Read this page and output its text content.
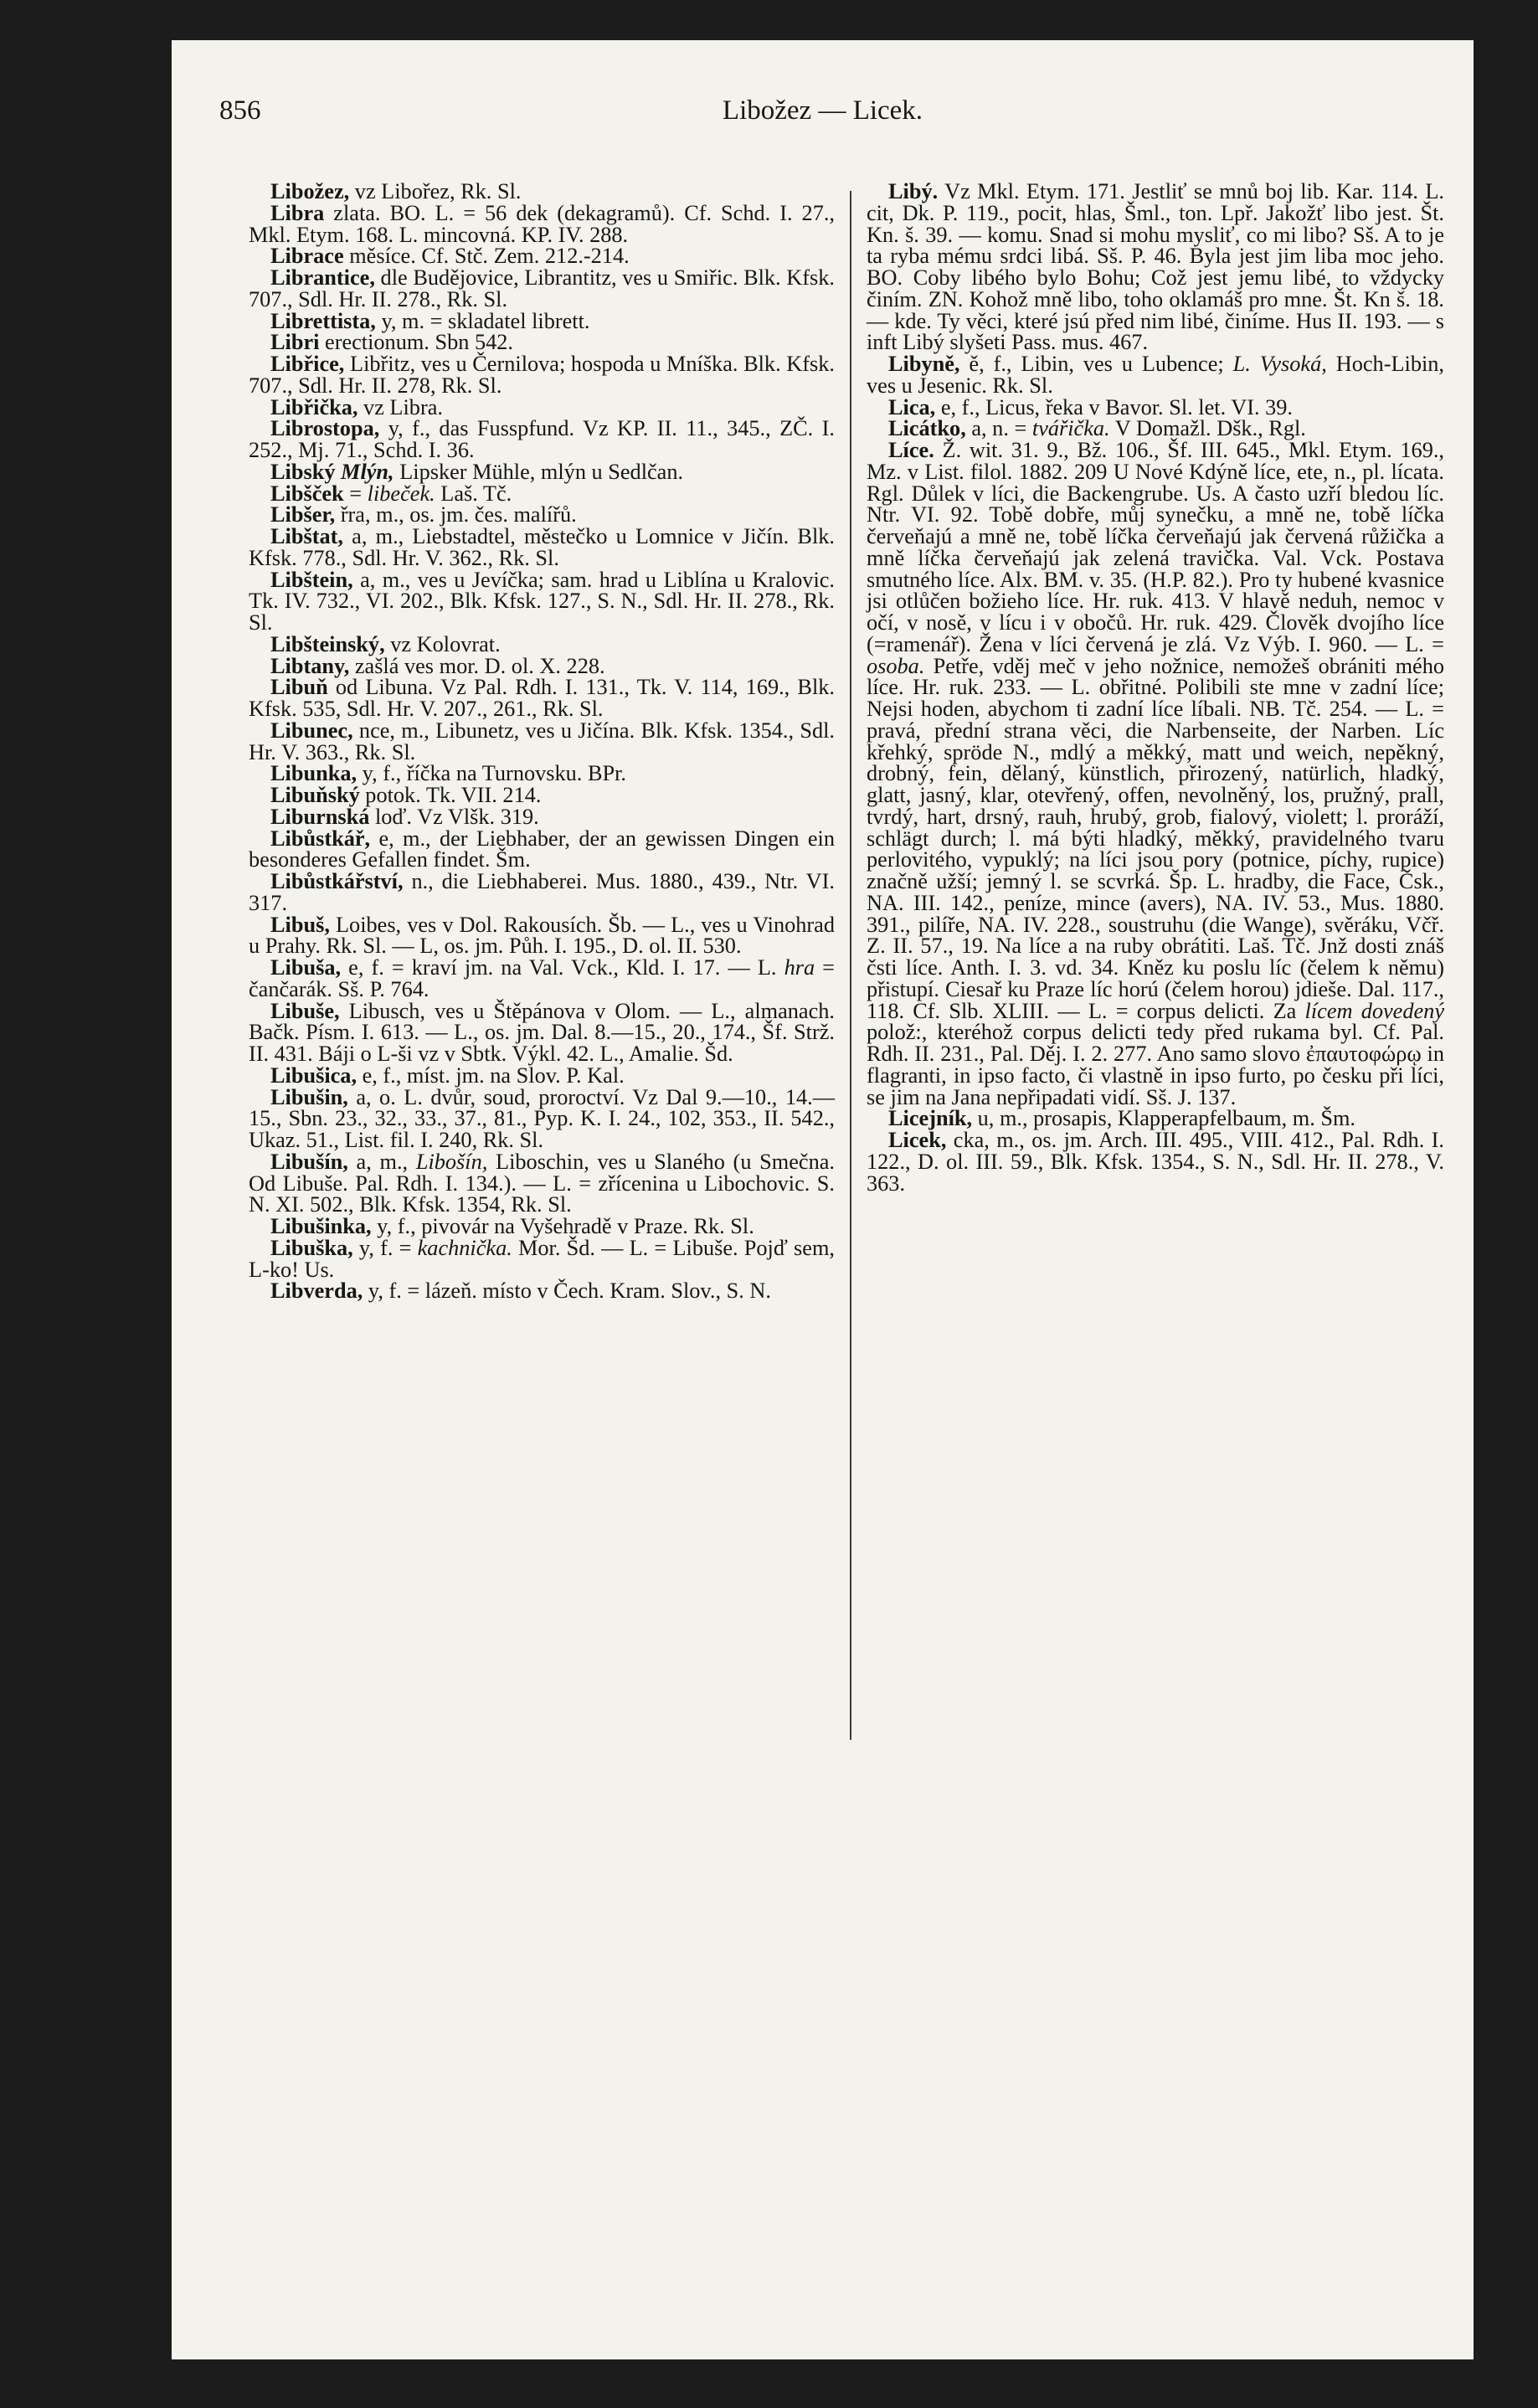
856	Libožez — Licek.

Libožez, vz Libořez, Rk. Sl.

Libra zlata. BO. L. = 56 dek (dekagramů). Cf. Schd. I. 27., Mkl. Etym. 168. L. mincovná. KP. IV. 288.

Librace měsíce. Cf. Stč. Zem. 212.-214.

Librantice, dle Budějovice, Librantitz, ves u Smiřic. Blk. Kfsk. 707., Sdl. Hr. II. 278., Rk. Sl.

Librettista, y, m. = skladatel librett.

Libri erectionum. Sbn 542.

Libřice, Libřitz, ves u Černilova; hospoda u Mníška. Blk. Kfsk. 707., Sdl. Hr. II. 278, Rk. Sl.

Libřička, vz Libra.

Librostopa, y, f., das Fusspfund. Vz KP. II. 11., 345., ZČ. I. 252., Mj. 71., Schd. I. 36.

Libský Mlýn, Lipsker Mühle, mlýn u Sedlčan.

Libšček = libeček. Laš. Tč.

Libšer, řra, m., os. jm. čes. malířů.

Libštat, a, m., Liebstadtel, městečko u Lomnice v Jičín. Blk. Kfsk. 778., Sdl. Hr. V. 362., Rk. Sl.

Libštein, a, m., ves u Jevíčka; sam. hrad u Liblína u Kralovic. Tk. IV. 732., VI. 202., Blk. Kfsk. 127., S. N., Sdl. Hr. II. 278., Rk. Sl.

Libšteinský, vz Kolovrat.

Libtany, zašlá ves mor. D. ol. X. 228.

Libuň od Libuna. Vz Pal. Rdh. I. 131., Tk. V. 114, 169., Blk. Kfsk. 535, Sdl. Hr. V. 207., 261., Rk. Sl.

Libunec, nce, m., Libunetz, ves u Jičína. Blk. Kfsk. 1354., Sdl. Hr. V. 363., Rk. Sl.

Libunka, y, f., říčka na Turnovsku. BPr.

Libuňský potok. Tk. VII. 214.

Liburnská loď. Vz Vlšk. 319.

Libůstkář, e, m., der Liebhaber, der an gewissen Dingen ein besonderes Gefallen findet. Šm.

Libůstkářství, n., die Liebhaberei. Mus. 1880., 439., Ntr. VI. 317.

Libuš, Loibes, ves v Dol. Rakousích. Šb. — L., ves u Vinohrad u Prahy. Rk. Sl. — L, os. jm. Půh. I. 195., D. ol. II. 530.

Libuša, e, f. = kraví jm. na Val. Vck., Kld. I. 17. — L. hra = čančarák. Sš. P. 764.

Libuše, Libusch, ves u Štěpánova v Olom. — L., almanach. Bačk. Písm. I. 613. — L., os. jm. Dal. 8.—15., 20., 174., Šf. Strž. II. 431. Báji o L-ši vz v Sbtk. Výkl. 42. L., Amalie. Šd.

Libušica, e, f., míst. jm. na Slov. P. Kal.

Libušin, a, o. L. dvůr, soud, proroctví. Vz Dal 9.—10., 14.—15., Sbn. 23., 32., 33., 37., 81., Pyp. K. I. 24., 102, 353., II. 542., Ukaz. 51., List. fil. I. 240, Rk. Sl.

Libušín, a, m., Libošín, Liboschin, ves u Slaného (u Smečna. Od Libuše. Pal. Rdh. I. 134.). — L. = zřícenina u Libochovic. S. N. XI. 502., Blk. Kfsk. 1354, Rk. Sl.

Libušinka, y, f., pivovár na Vyšehradě v Praze. Rk. Sl.

Libuška, y, f. = kachnička. Mor. Šd. — L. = Libuše. Pojď sem, L-ko! Us.

Libverda, y, f. = lázeň. místo v Čech. Kram. Slov., S. N.

Libý. Vz Mkl. Etym. 171. Jestliť se mnů boj lib. Kar. 114. L. cit, Dk. P. 119., pocit, hlas, Šml., ton. Lpř. Jakožť libo jest. Št. Kn. š. 39. — komu. Snad si mohu mysliť, co mi libo? Sš. A to je ta ryba mému srdci libá. Sš. P. 46. Byla jest jim liba moc jeho. BO. Coby libého bylo Bohu; Což jest jemu libé, to vždycky činím. ZN. Kohož mně libo, toho oklamáš pro mne. Št. Kn š. 18. — kde. Ty věci, které jsú před nim libé, činíme. Hus II. 193. — s inft Libý slyšeti Pass. mus. 467.

Libyně, ě, f., Libin, ves u Lubence; L. Vysoká, Hoch-Libin, ves u Jesenic. Rk. Sl.

Lica, e, f., Licus, řeka v Bavor. Sl. let. VI. 39.

Licátko, a, n. = tvářička. V Domažl. Dšk., Rgl.

Líce. Ž. wit. 31. 9., Bž. 106., Šf. III. 645., Mkl. Etym. 169., Mz. v List. filol. 1882. 209 U Nové Kdýně líce, ete, n., pl. lícata. Rgl. Důlek v líci, die Backengrube. Us. A často uzří bledou líc. Ntr. VI. 92. Tobě dobře, můj synečku, a mně ne, tobě líčka červeňajú a mně ne, tobě líčka červeňajú jak červená růžička a mně líčka červeňajú jak zelená travička. Val. Vck. Postava smutného líce. Alx. BM. v. 35. (H.P. 82.). Pro ty hubené kvasnice jsi otlůčen božieho líce. Hr. ruk. 413. V hlavě neduh, nemoc v očí, v nosě, v lícu i v obočů. Hr. ruk. 429. Člověk dvojího líce (=ramenář). Žena v líci červená je zlá. Vz Výb. I. 960. — L. = osoba. Petře, vděj meč v jeho nožnice, nemožeš obrániti mého líce. Hr. ruk. 233. — L. obřitné. Polibili ste mne v zadní líce; Nejsi hoden, abychom ti zadní líce líbali. NB. Tč. 254. — L. = pravá, přední strana věci, die Narbenseite, der Narben. Líc křehký, spröde N., mdlý a měkký, matt und weich, nepěkný, drobný, fein, dělaný, künstlich, přirozený, natürlich, hladký, glatt, jasný, klar, otevřený, offen, nevolněný, los, pružný, prall, tvrdý, hart, drsný, rauh, hrubý, grob, fialový, violett; l. proráží, schlägt durch; l. má býti hladký, měkký, pravidelného tvaru perlovitého, vypuklý; na líci jsou pory (potnice, píchy, rupice) značně užší; jemný l. se scvrká. Šp. L. hradby, die Face, Čsk., NA. III. 142., peníze, mince (avers), NA. IV. 53., Mus. 1880. 391., pilíře, NA. IV. 228., soustruhu (die Wange), svěráku, Včř. Z. II. 57., 19. Na líce a na ruby obrátiti. Laš. Tč. Jnž dosti znáš čsti líce. Anth. I. 3. vd. 34. Kněz ku poslu líc (čelem k němu) přistupí. Ciesař ku Praze líc horú (čelem horou) jdieše. Dal. 117., 118. Cf. Slb. XLIII. — L. = corpus delicti. Za lícem dovedený polož:, kteréhož corpus delicti tedy před rukama byl. Cf. Pal. Rdh. II. 231., Pal. Děj. I. 2. 277. Ano samo slovo ἐπαυτοφώρῳ in flagranti, in ipso facto, či vlastně in ipso furto, po česku při líci, se jim na Jana nepřipadati vidí. Sš. J. 137.

Licejník, u, m., prosapis, Klapperapfelbaum, m. Šm.

Licek, cka, m., os. jm. Arch. III. 495., VIII. 412., Pal. Rdh. I. 122., D. ol. III. 59., Blk. Kfsk. 1354., S. N., Sdl. Hr. II. 278., V. 363.
